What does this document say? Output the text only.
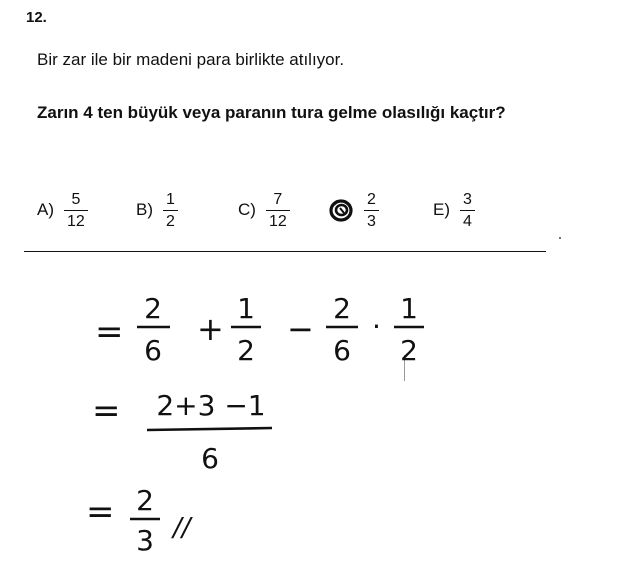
12.
Bir zar ile bir madeni para birlikte atılıyor.
Zarın 4 ten büyük veya paranın tura gelme olasılığı kaçtır?
$A) \frac{5}{12}$	$B) \frac{1}{2}$	$C) \frac{7}{12}$	$\frac{2}{3}$	$E) \frac{3}{4}$
=
2
6
+
1
2
−
2
6
·
1
2
= 2+3 −1
6
= 2
3 //
